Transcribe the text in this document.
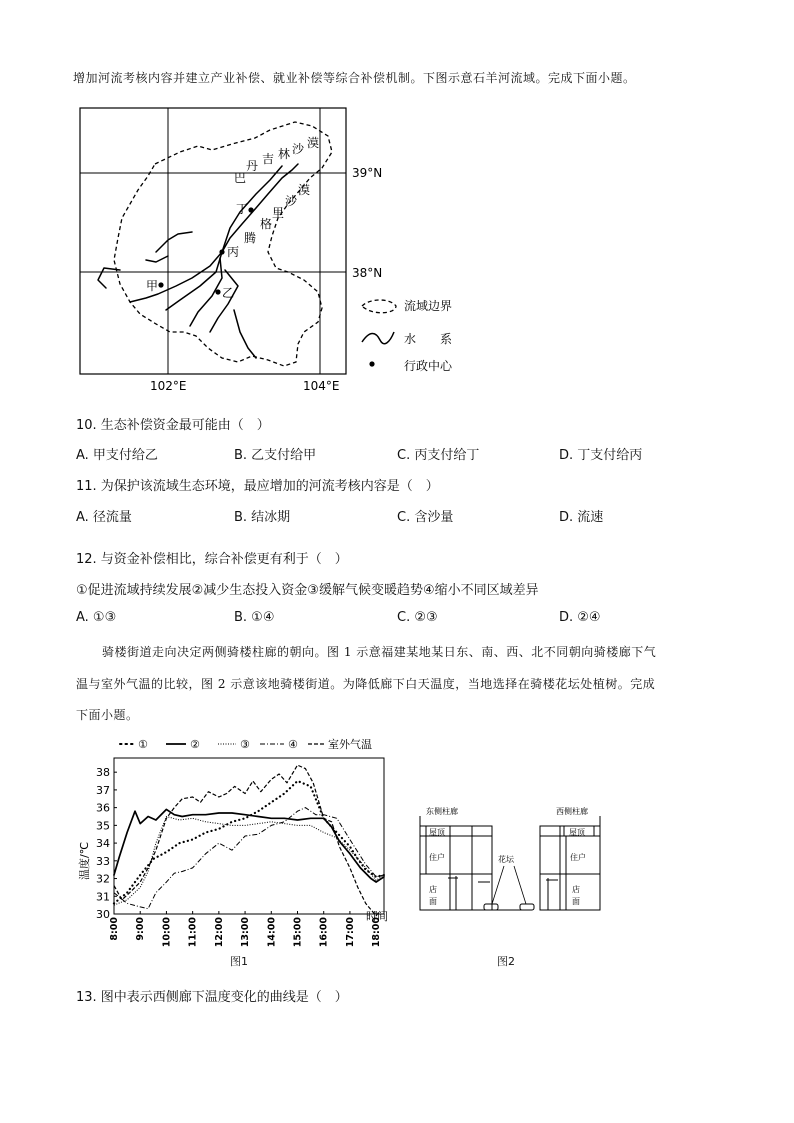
增加河流考核内容并建立产业补偿、就业补偿等综合补偿机制。下图示意石羊河流域。完成下面小题。
丁
丙
甲	乙
巴
丹 吉 林 沙 漠
腾
格
里
沙
漠
39°N
38°N
102°E	104°E
流域边界
水　　系
行政中心
10. 生态补偿资金最可能由（　）
A. 甲支付给乙	B. 乙支付给甲	C. 丙支付给丁	D. 丁支付给丙
11. 为保护该流域生态环境，最应增加的河流考核内容是（　）
A. 径流量	B. 结冰期	C. 含沙量	D. 流速
12. 与资金补偿相比，综合补偿更有利于（　）
①促进流域持续发展②减少生态投入资金③缓解气候变暖趋势④缩小不同区域差异
A. ①③	B. ①④	C. ②③	D. ②④
骑楼街道走向决定两侧骑楼柱廊的朝向。图 1 示意福建某地某日东、南、西、北不同朝向骑楼廊下气
温与室外气温的比较，图 2 示意该地骑楼街道。为降低廊下白天温度，当地选择在骑楼花坛处植树。完成
下面小题。
①	②	③	④	室外气温
温度/℃
时间
38
37
36
35
34
33
32
31
30
8:00 9:00 10:00 11:00 12:00 13:00 14:00 15:00 16:00 17:00 18:00
图1
东侧柱廊
屋顶
住户
店
面
花坛
西侧柱廊
屋顶
住户
店
面
图2
13. 图中表示西侧廊下温度变化的曲线是（　）
